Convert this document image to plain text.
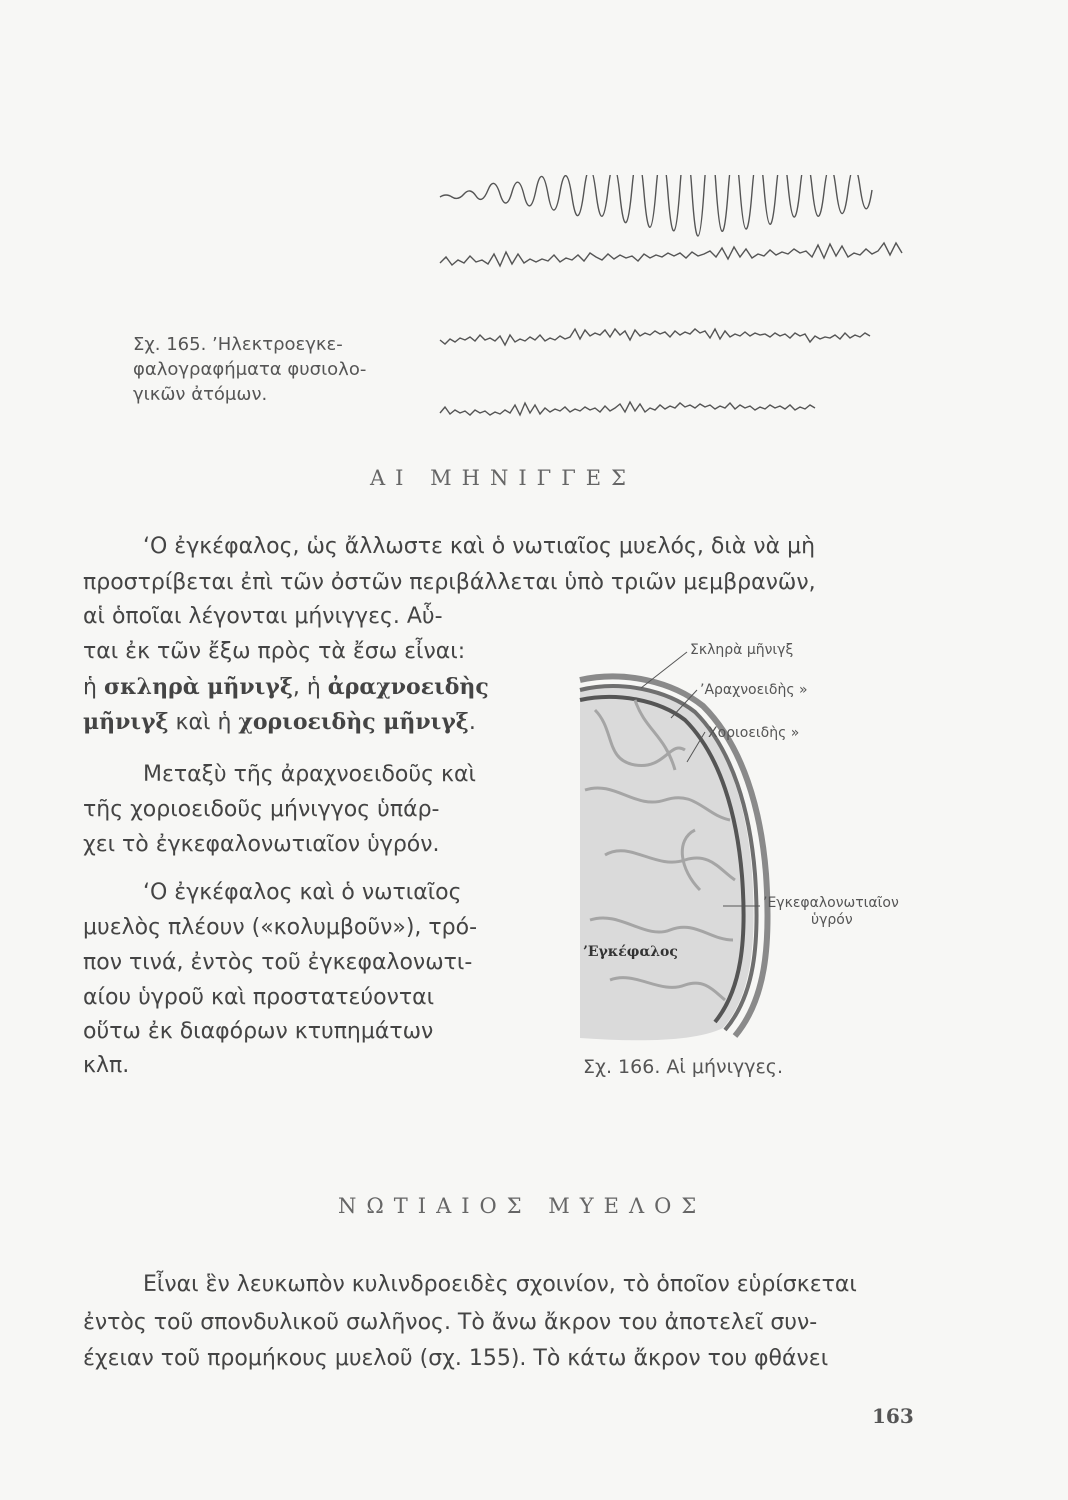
Σχ. 165. ’Ηλεκτροεγκε-
φαλογραφήματα φυσιολο-
γικῶν ἀτόμων.
ΑΙ ΜΗΝΙΓΓΕΣ
‘Ο ἐγκέφαλος, ὡς ἄλλωστε καὶ ὁ νωτιαῖος μυελός, διὰ νὰ μὴ
προστρίβεται ἐπὶ τῶν ὀστῶν περιβάλλεται ὑπὸ τριῶν μεμβρανῶν,
αἱ ὁποῖαι λέγονται μήνιγγες. Αὗ-
ται ἐκ τῶν ἔξω πρὸς τὰ ἔσω εἶναι:
ἡ σκληρὰ μῆνιγξ, ἡ ἀραχνοειδὴς
μῆνιγξ καὶ ἡ χοριοειδὴς μῆνιγξ.
Μεταξὺ τῆς ἀραχνοειδοῦς καὶ
τῆς χοριοειδοῦς μήνιγγος ὑπάρ-
χει τὸ ἐγκεφαλονωτιαῖον ὑγρόν.
‘Ο ἐγκέφαλος καὶ ὁ νωτιαῖος
μυελὸς πλέουν («κολυμβοῦν»), τρό-
πον τινά, ἐντὸς τοῦ ἐγκεφαλονωτι-
αίου ὑγροῦ καὶ προστατεύονται
οὕτω ἐκ διαφόρων κτυπημάτων
κλπ.
Σκληρὰ μῆνιγξ
’Αραχνοειδὴς »
Χοριοειδὴς »
’Εγκεφαλονωτιαῖον
ὑγρόν
’Εγκέφαλος
Σχ. 166. Αἱ μήνιγγες.
ΝΩΤΙΑΙΟΣ ΜΥΕΛΟΣ
Εἶναι ἓν λευκωπὸν κυλινδροειδὲς σχοινίον, τὸ ὁποῖον εὑρίσκεται
ἐντὸς τοῦ σπονδυλικοῦ σωλῆνος. Τὸ ἄνω ἄκρον του ἀποτελεῖ συν-
έχειαν τοῦ προμήκους μυελοῦ (σχ. 155). Τὸ κάτω ἄκρον του φθάνει
163
